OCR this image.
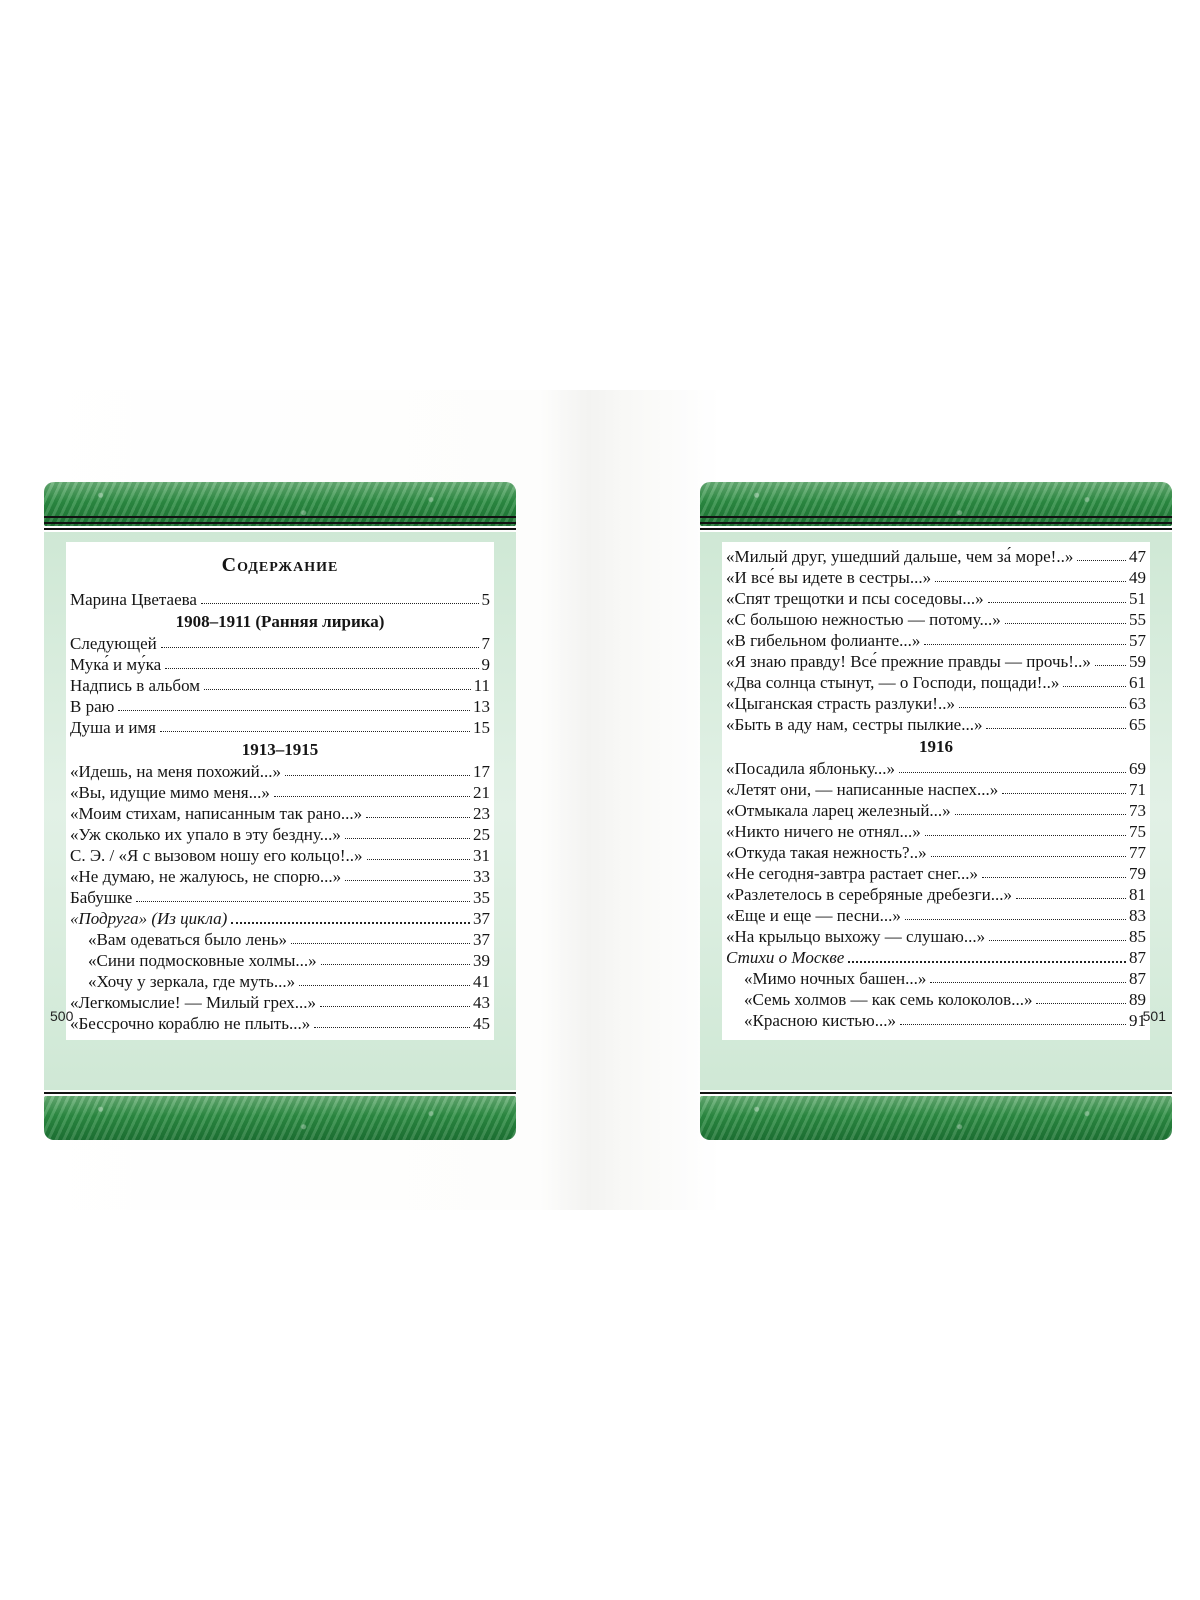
Содержание
Марина Цветаева	5
1908–1911 (Ранняя лирика)
Следующей	7
Мука́ и му́ка	9
Надпись в альбом	11
В раю	13
Душа и имя	15
1913–1915
«Идешь, на меня похожий...»	17
«Вы, идущие мимо меня...»	21
«Моим стихам, написанным так рано...»	23
«Уж сколько их упало в эту бездну...»	25
С. Э. / «Я с вызовом ношу его кольцо!..»	31
«Не думаю, не жалуюсь, не спорю...»	33
Бабушке	35
«Подруга» (Из цикла)	37
«Вам одеваться было лень»	37
«Сини подмосковные холмы...»	39
«Хочу у зеркала, где муть...»	41
«Легкомыслие! — Милый грех...»	43
«Бессрочно кораблю не плыть...»	45
500
«Милый друг, ушедший дальше, чем за́ море!..»	47
«И все́ вы идете в сестры...»	49
«Спят трещотки и псы соседовы...»	51
«С большою нежностью — потому...»	55
«В гибельном фолианте...»	57
«Я знаю правду! Все́ прежние правды — прочь!..» 59
«Два солнца стынут, — о Господи, пощади!..»	61
«Цыганская страсть разлуки!..»	63
«Быть в аду нам, сестры пылкие...»	65
1916
«Посадила яблоньку...»	69
«Летят они, — написанные наспех...»	71
«Отмыкала ларец железный...»	73
«Никто ничего не отнял...»	75
«Откуда такая нежность?..»	77
«Не сегодня-завтра растает снег...»	79
«Разлетелось в серебряные дребезги...»	81
«Еще и еще — песни...»	83
«На крыльцо выхожу — слушаю...»	85
Стихи о Москве	87
«Мимо ночных башен...»	87
«Семь холмов — как семь колоколов...»	89
«Красною кистью...»	91
501
